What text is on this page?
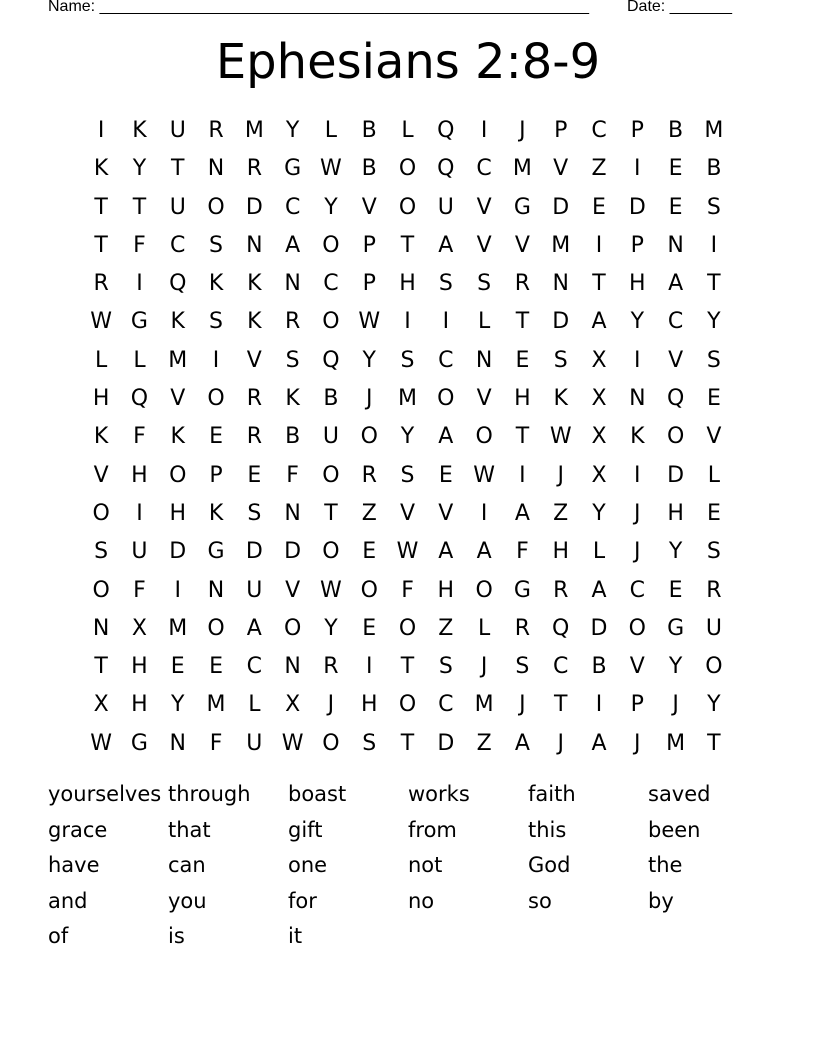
Name: _______________________________________________________ Date: _______
Ephesians 2:8-9
I	K	U	R M	Y	L	B	L	Q	I	J	P	C	P	B M
K	Y	T	N	R	G W B	O Q C M V	Z	I	E	B
T	T	U O D	C	Y	V	O U	V	G D	E	D	E	S
T	F	C	S	N	A	O	P	T	A	V	V M	I	P	N	I
R	I	Q	K	K	N	C	P	H	S	S	R	N	T	H	A	T
W G	K	S	K	R O W	I	I	L	T	D	A	Y	C	Y
L	L	M	I	V	S	Q	Y	S	C	N	E	S	X	I	V	S
H Q	V	O R	K	B	J	M O	V	H	K	X	N Q	E
K	F	K	E	R	B	U O	Y	A	O	T W X	K	O	V
V	H O	P	E	F	O R	S	E W	I	J	X	I	D	L
O	I	H	K	S	N	T	Z	V	V	I	A	Z	Y	J	H	E
S	U D G D D O	E W A	A	F	H	L	J	Y	S
O	F	I	N	U	V W O	F	H O G	R	A	C	E	R
N	X M O	A	O	Y	E	O	Z	L	R Q D O G U
T	H	E	E	C	N	R	I	T	S	J	S	C	B	V	Y	O
X	H	Y	M	L	X	J	H O C M	J	T	I	P	J	Y
W G N	F	U W O	S	T	D	Z	A	J	A	J	M	T
yourselves through	boast	works	faith	saved
grace	that	gift	from	this	been
have	can	one	not	God	the
and	you	for	no	so	by
of	is	it
